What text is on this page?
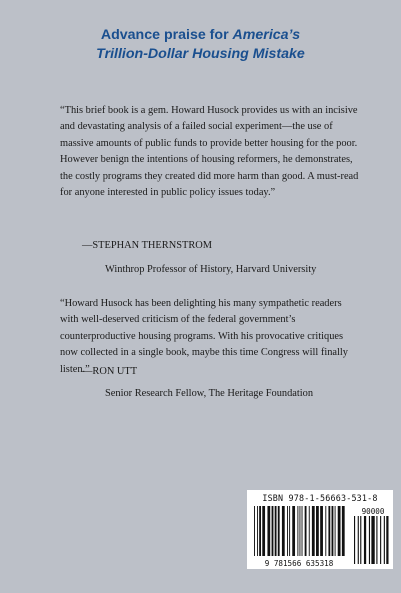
Advance praise for America’s
Trillion-Dollar Housing Mistake

“This brief book is a gem. Howard Husock provides us with an incisive and devastating analysis of a failed social experiment—the use of massive amounts of public funds to provide better housing for the poor. However benign the intentions of housing reformers, he demonstrates, the costly programs they created did more harm than good. A must-read for anyone interested in public policy issues today.”

—STEPHAN THERNSTROM
Winthrop Professor of History, Harvard University

“Howard Husock has been delighting his many sympathetic readers with well-deserved criticism of the federal government’s counterproductive housing programs. With his provocative critiques now collected in a single book, maybe this time Congress will finally listen.”

—RON UTT
Senior Research Fellow, The Heritage Foundation
ISBN 978-1-56663-531-8
9 781566 635318
90000
